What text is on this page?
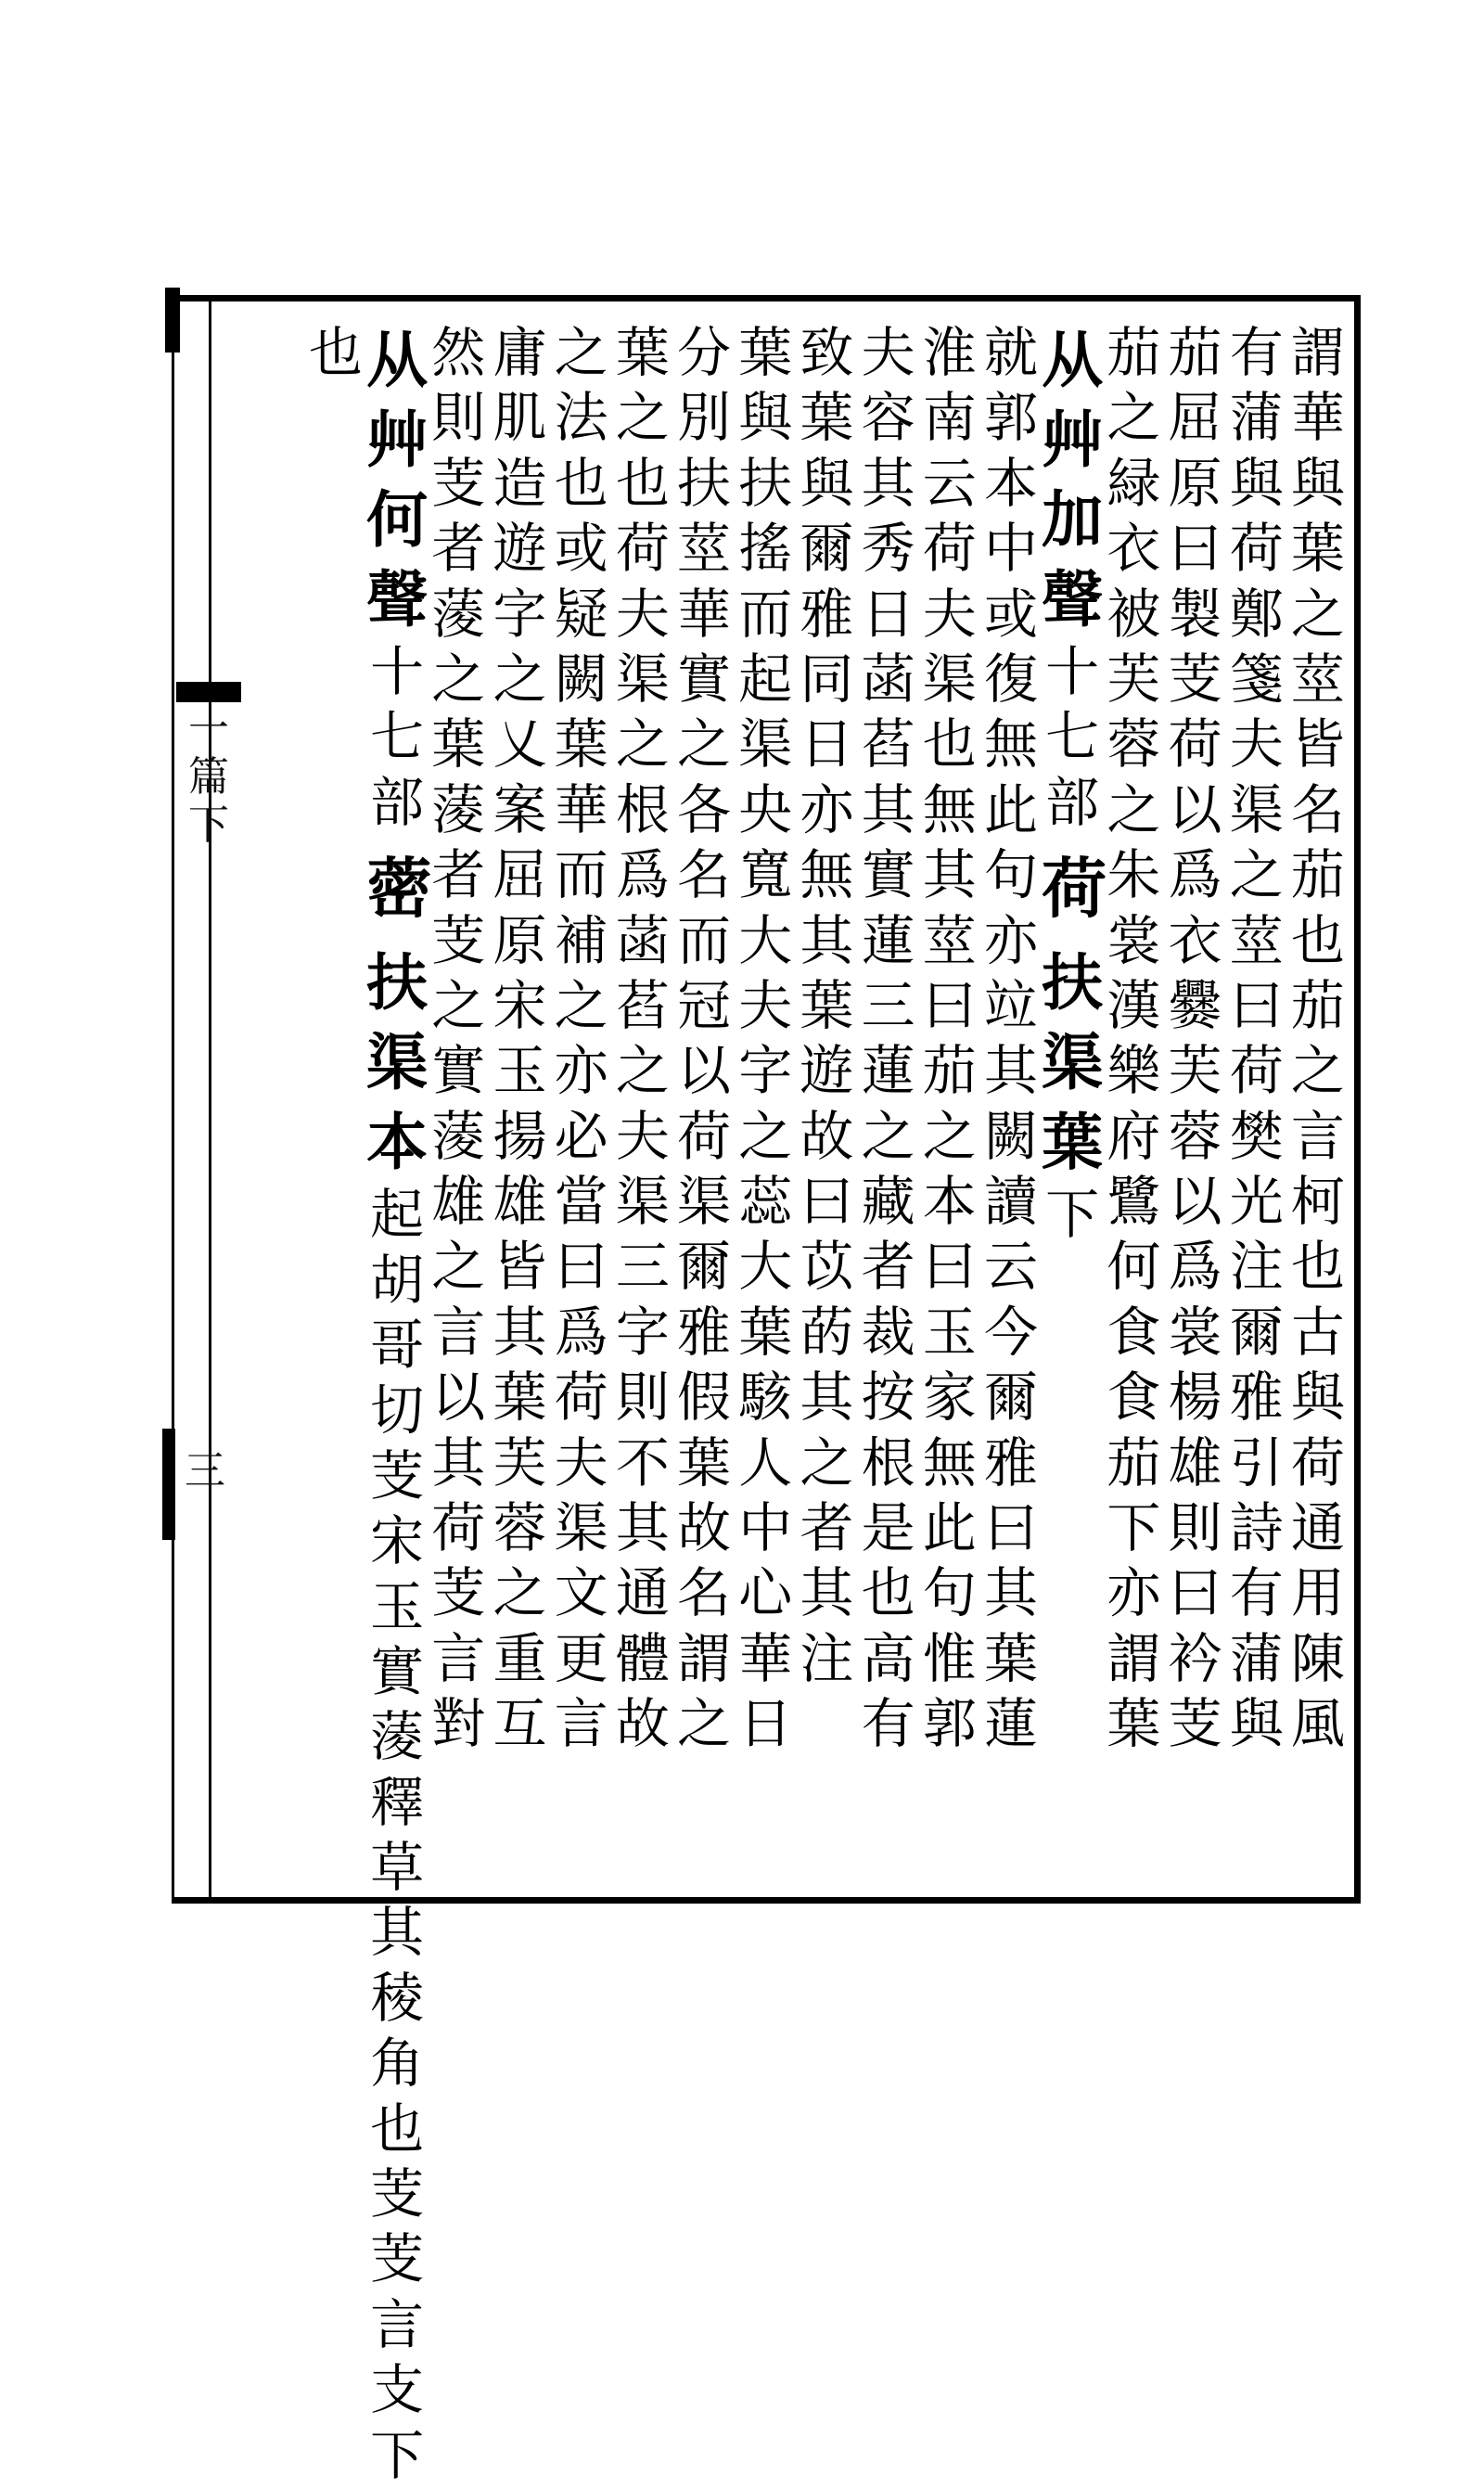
一篇下
三
謂
華
與
葉
之
莖
皆
名
茄
也
茄
之
言
柯
也
古
與
荷
通
用
陳
風
有
蒲
與
荷
鄭
箋
夫
渠
之
莖
曰
荷
樊
光
注
爾
雅
引
詩
有
蒲
與
茄
屈
原
曰
製
芰
荷
以
爲
衣
爨
芙
蓉
以
爲
裳
楊
雄
則
曰
衿
芰
茄
之
緑
衣
被
芙
蓉
之
朱
裳
漢
樂
府
鷺
何
食
食
茄
下
亦
謂
葉
从
艸
加
聲
十
七
部
荷
扶
渠
葉
下
就
郭
本
中
或
復
無
此
句
亦
竝
其
闕
讀
云
今
爾
雅
曰
其
葉
蓮
淮
南
云
荷
夫
渠
也
無
其
莖
曰
茄
之
本
曰
玉
家
無
此
句
惟
郭
夫
容
其
秀
日
菡
萏
其
實
蓮
三
蓮
之
藏
者
裁
按
根
是
也
高
有
致
葉
與
爾
雅
同
日
亦
無
其
葉
遊
故
曰
苡
菂
其
之
者
其
注
葉
與
扶
搖
而
起
渠
央
寬
大
夫
字
之
蕊
大
葉
駭
人
中
心
華
日
分
別
扶
莖
華
實
之
各
名
而
冠
以
荷
渠
爾
雅
假
葉
故
名
謂
之
葉
之
也
荷
夫
渠
之
根
爲
菡
萏
之
夫
渠
三
字
則
不
其
通
體
故
之
法
也
或
疑
闕
葉
華
而
補
之
亦
必
當
曰
爲
荷
夫
渠
文
更
言
庸
肌
造
遊
字
之
乂
案
屈
原
宋
玉
揚
雄
皆
其
葉
芙
蓉
之
重
互
然
則
芰
者
蔆
之
葉
蔆
者
芰
之
實
蔆
雄
之
言
以
其
荷
芰
言
對
从
艸
何
聲
十
七
部
蔤
扶
渠
本
起
胡
哥
切
芰
宋
玉
實
蔆
釋
草
其
稜
角
也
芰
芰
言
支
下
也
